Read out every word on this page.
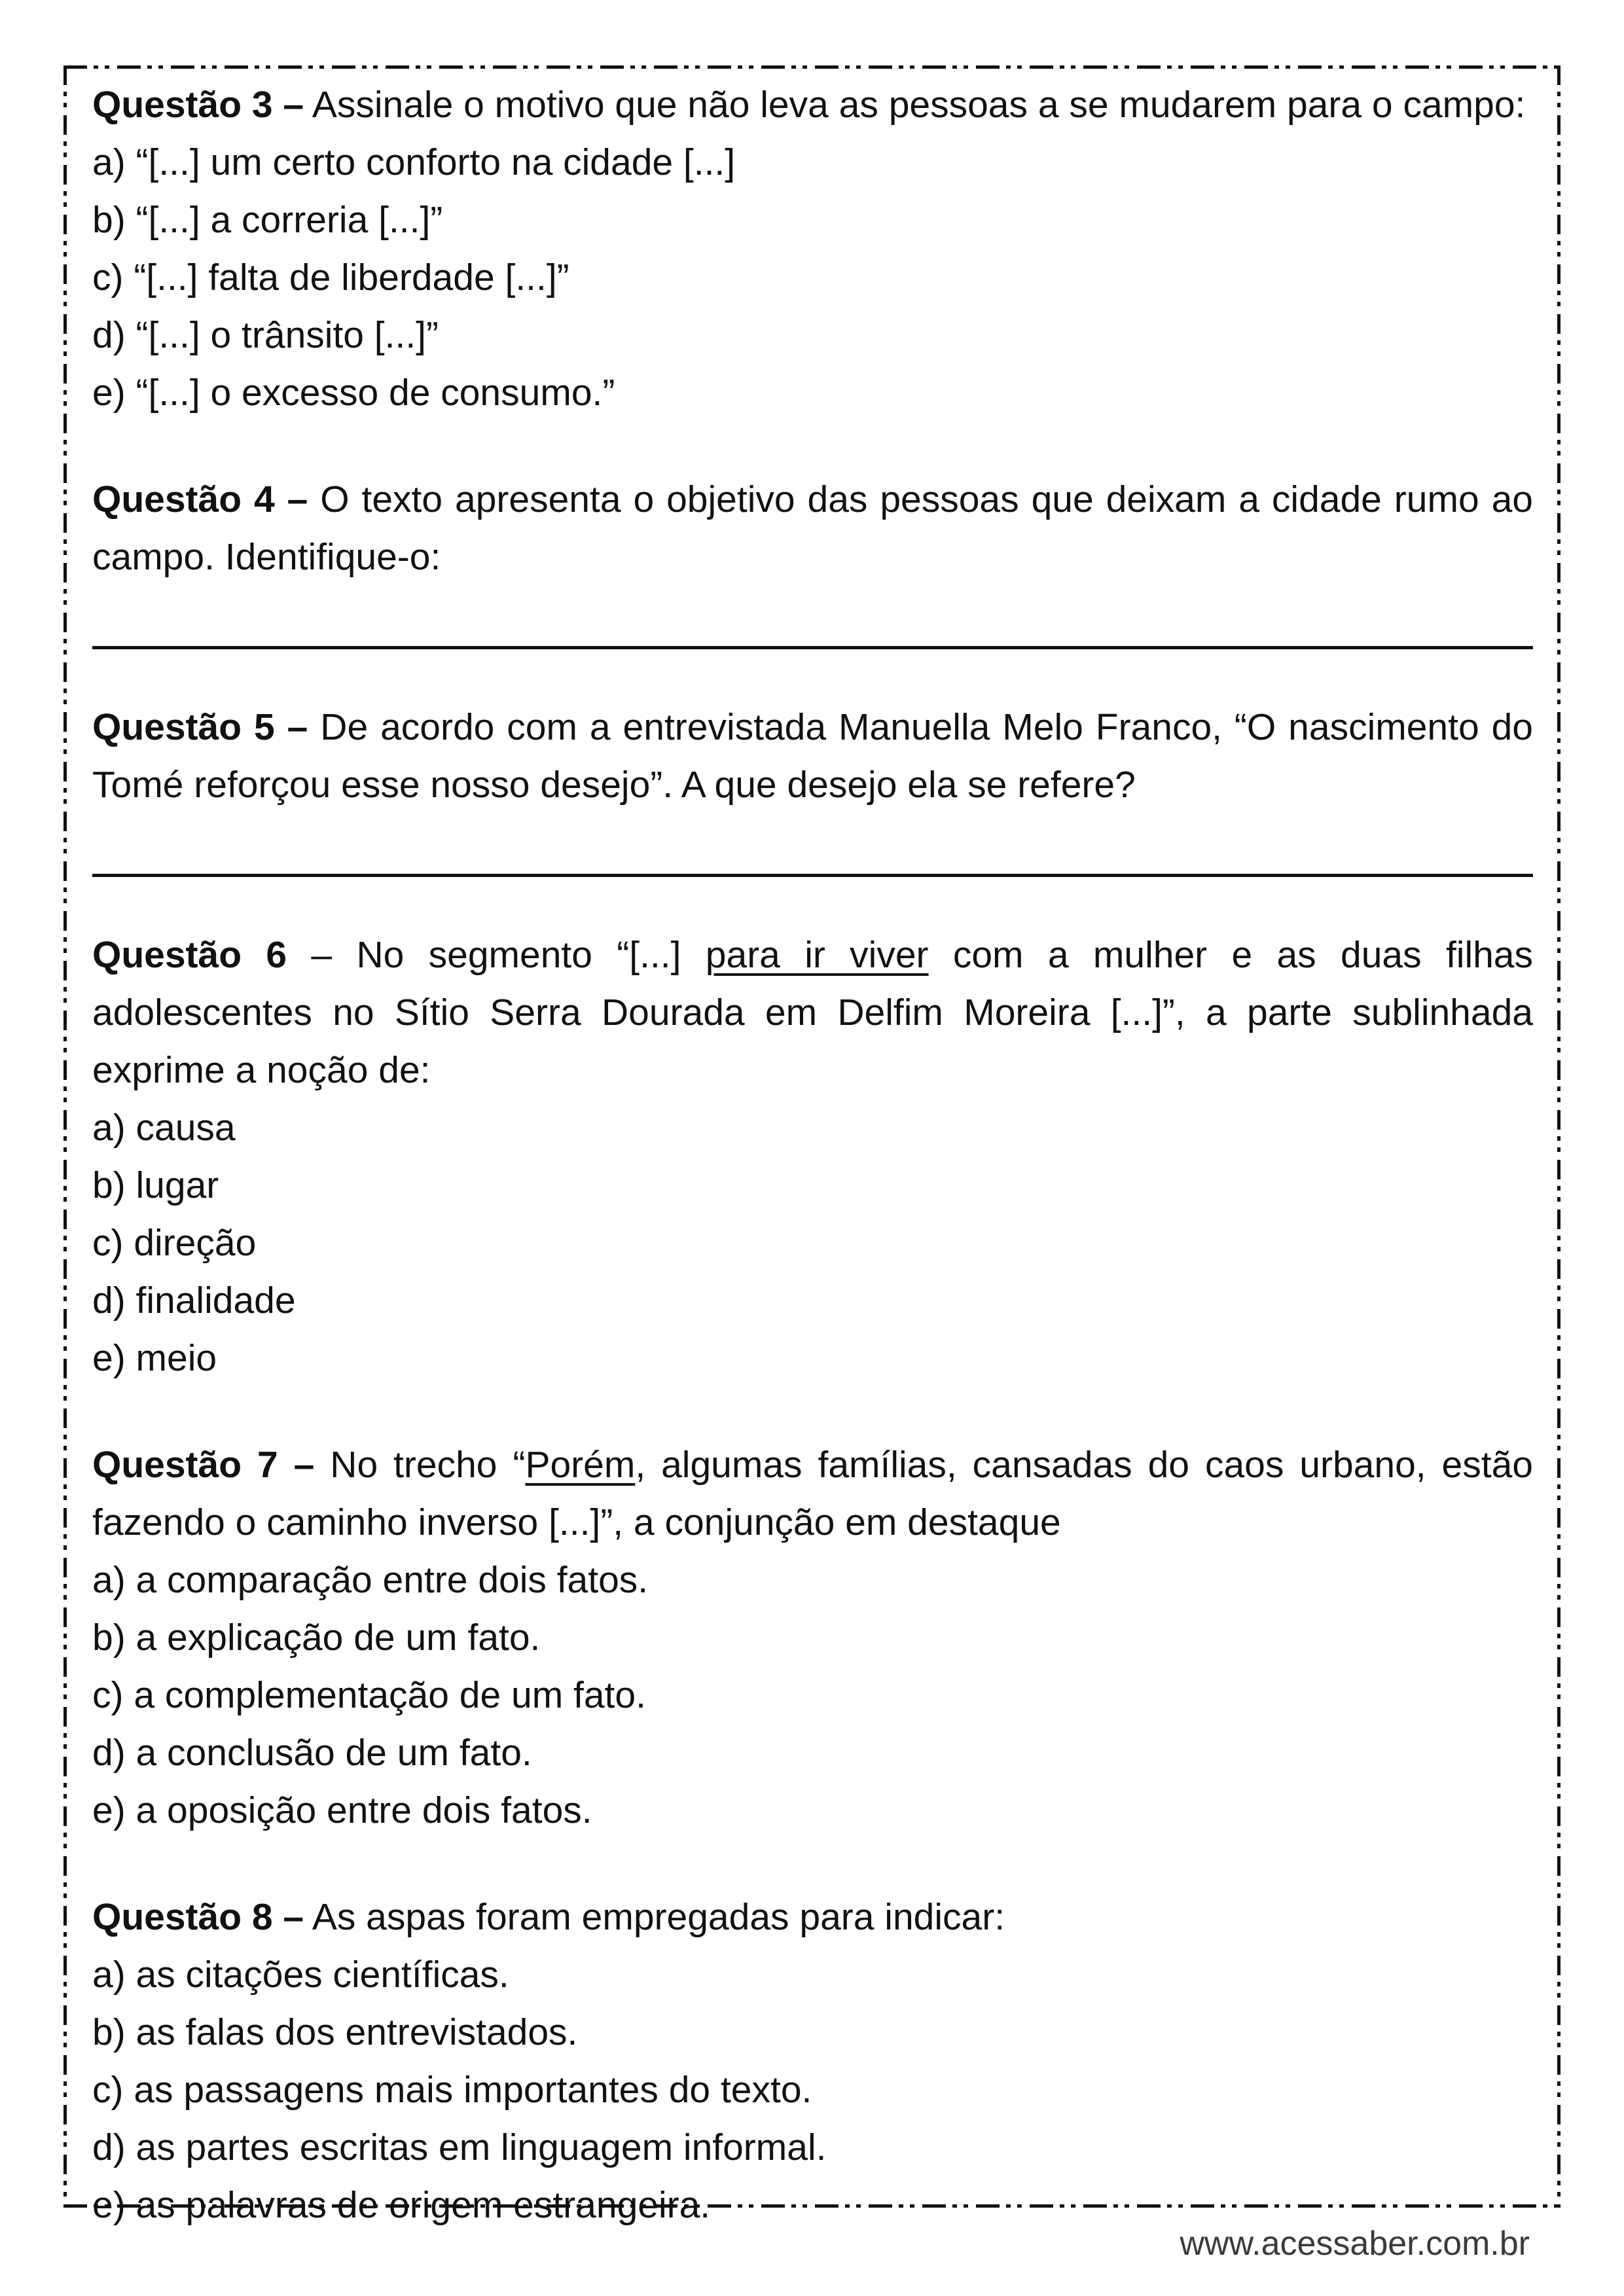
Questão 3 – Assinale o motivo que não leva as pessoas a se mudarem para o campo:

a) “[...] um certo conforto na cidade [...]

b) “[...] a correria [...]”

c) “[...] falta de liberdade [...]”

d) “[...] o trânsito [...]”

e) “[...] o excesso de consumo.”

Questão 4 – O texto apresenta o objetivo das pessoas que deixam a cidade rumo ao campo. Identifique-o:

Questão 5 – De acordo com a entrevistada Manuella Melo Franco, “O nascimento do Tomé reforçou esse nosso desejo”. A que desejo ela se refere?

Questão 6 – No segmento “[...] para ir viver com a mulher e as duas filhas adolescentes no Sítio Serra Dourada em Delfim Moreira [...]”, a parte sublinhada exprime a noção de:

a) causa

b) lugar

c) direção

d) finalidade

e) meio

Questão 7 – No trecho “Porém, algumas famílias, cansadas do caos urbano, estão fazendo o caminho inverso [...]”, a conjunção em destaque

a) a comparação entre dois fatos.

b) a explicação de um fato.

c) a complementação de um fato.

d) a conclusão de um fato.

e) a oposição entre dois fatos.

Questão 8 – As aspas foram empregadas para indicar:

a) as citações científicas.

b) as falas dos entrevistados.

c) as passagens mais importantes do texto.

d) as partes escritas em linguagem informal.

e) as palavras de origem estrangeira.

www.acessaber.com.br
